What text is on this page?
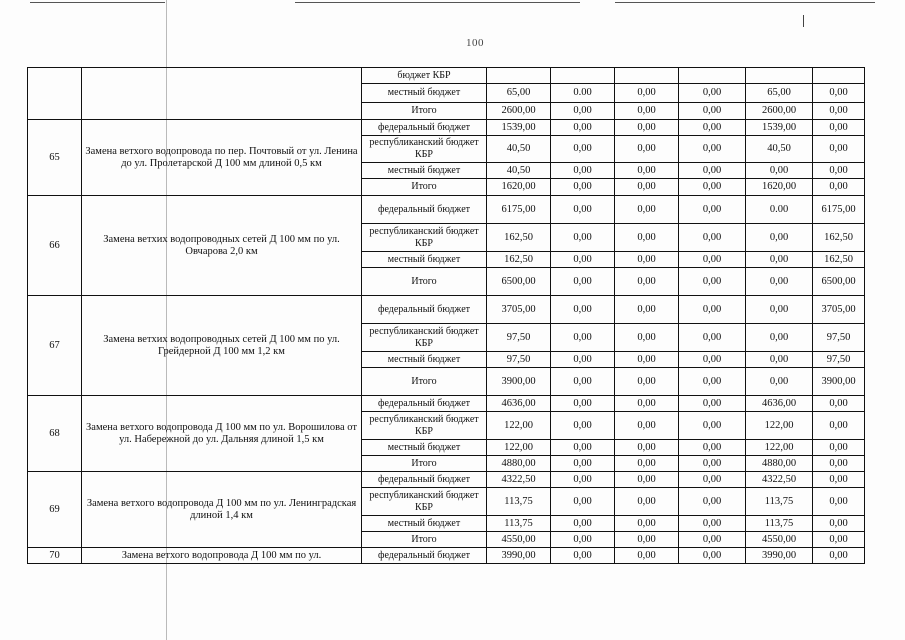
100
		бюджет КБР						
		местный бюджет	65,00	0.00	0,00	0,00	65,00	0,00
		Итого	2600,00	0,00	0,00	0,00	2600,00	0,00
65	Замена ветхого водопровода по пер. Почтовый от ул. Ленина до ул. Пролетарской Д 100 мм длиной 0,5 км	федеральный бюджет	1539,00	0,00	0,00	0,00	1539,00	0,00
		республиканский бюджет КБР	40,50	0,00	0,00	0,00	40,50	0,00
		местный бюджет	40,50	0,00	0,00	0,00	0,00	0,00
		Итого	1620,00	0,00	0,00	0,00	1620,00	0,00
66	Замена ветхих водопроводных сетей Д 100 мм по ул. Овчарова 2,0 км	федеральный бюджет	6175,00	0,00	0,00	0,00	0.00	6175,00
		республиканский бюджет КБР	162,50	0,00	0,00	0,00	0,00	162,50
		местный бюджет	162,50	0,00	0,00	0,00	0,00	162,50
		Итого	6500,00	0,00	0,00	0,00	0,00	6500,00
67	Замена ветхих водопроводных сетей Д 100 мм по ул. Грейдерной Д 100 мм 1,2 км	федеральный бюджет	3705,00	0,00	0,00	0,00	0,00	3705,00
		республиканский бюджет КБР	97,50	0,00	0,00	0,00	0,00	97,50
		местный бюджет	97,50	0,00	0,00	0,00	0,00	97,50
		Итого	3900,00	0,00	0,00	0,00	0,00	3900,00
68	Замена ветхого водопровода Д 100 мм по ул. Ворошилова от ул. Набережной до ул. Дальняя длиной 1,5 км	федеральный бюджет	4636,00	0,00	0,00	0,00	4636,00	0,00
		республиканский бюджет КБР	122,00	0,00	0,00	0,00	122,00	0,00
		местный бюджет	122,00	0,00	0,00	0,00	122,00	0,00
		Итого	4880,00	0,00	0,00	0,00	4880,00	0,00
69	Замена ветхого водопровода Д 100 мм по ул. Ленинградская длиной 1,4 км	федеральный бюджет	4322,50	0,00	0,00	0,00	4322,50	0,00
		республиканский бюджет КБР	113,75	0,00	0,00	0,00	113,75	0,00
		местный бюджет	113,75	0,00	0,00	0,00	113,75	0,00
		Итого	4550,00	0,00	0,00	0,00	4550,00	0,00
70	Замена ветхого водопровода Д 100 мм по ул.	федеральный бюджет	3990,00	0,00	0,00	0,00	3990,00	0,00
